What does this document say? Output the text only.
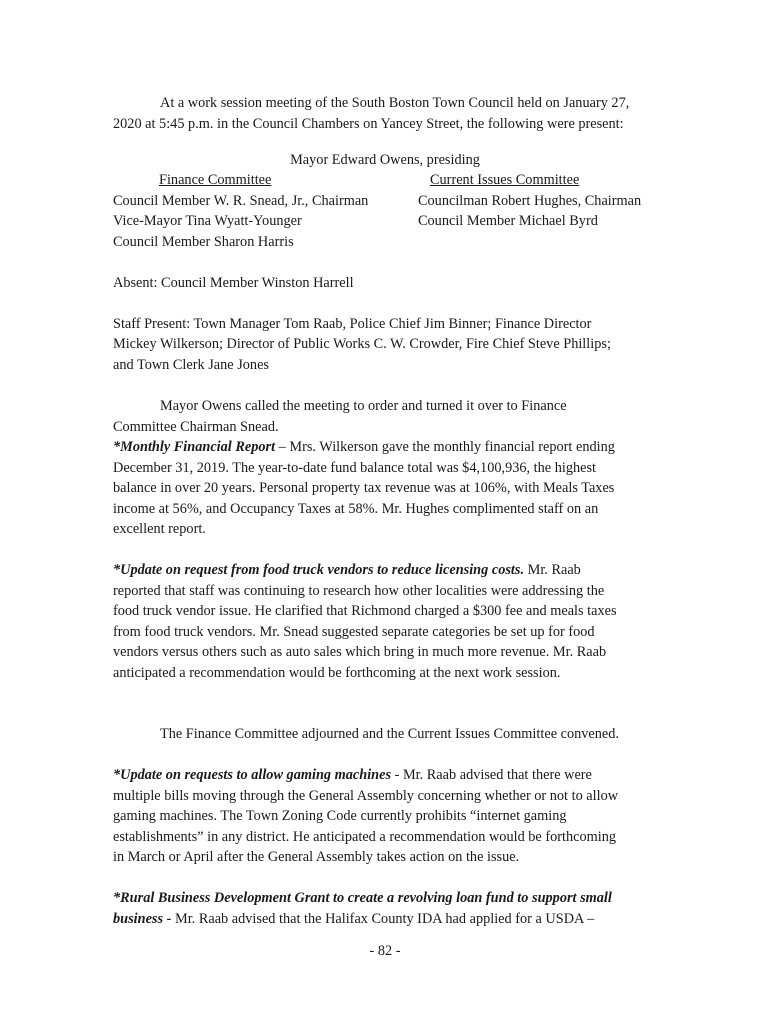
At a work session meeting of the South Boston Town Council held on January 27,
2020 at 5:45 p.m. in the Council Chambers on Yancey Street, the following were present:
Mayor Edward Owens, presiding
Finance Committee	Current Issues Committee
Council Member W. R. Snead, Jr., Chairman	Councilman Robert Hughes, Chairman
Vice-Mayor Tina Wyatt-Younger	Council Member Michael Byrd
Council Member Sharon Harris
Absent: Council Member Winston Harrell
Staff Present: Town Manager Tom Raab, Police Chief Jim Binner; Finance Director
Mickey Wilkerson; Director of Public Works C. W. Crowder, Fire Chief Steve Phillips;
and Town Clerk Jane Jones
Mayor Owens called the meeting to order and turned it over to Finance
Committee Chairman Snead.
*Monthly Financial Report – Mrs. Wilkerson gave the monthly financial report ending
December 31, 2019. The year-to-date fund balance total was $4,100,936, the highest
balance in over 20 years. Personal property tax revenue was at 106%, with Meals Taxes
income at 56%, and Occupancy Taxes at 58%. Mr. Hughes complimented staff on an
excellent report.
*Update on request from food truck vendors to reduce licensing costs. Mr. Raab
reported that staff was continuing to research how other localities were addressing the
food truck vendor issue. He clarified that Richmond charged a $300 fee and meals taxes
from food truck vendors. Mr. Snead suggested separate categories be set up for food
vendors versus others such as auto sales which bring in much more revenue. Mr. Raab
anticipated a recommendation would be forthcoming at the next work session.
The Finance Committee adjourned and the Current Issues Committee convened.
*Update on requests to allow gaming machines - Mr. Raab advised that there were
multiple bills moving through the General Assembly concerning whether or not to allow
gaming machines. The Town Zoning Code currently prohibits “internet gaming
establishments” in any district. He anticipated a recommendation would be forthcoming
in March or April after the General Assembly takes action on the issue.
*Rural Business Development Grant to create a revolving loan fund to support small
business - Mr. Raab advised that the Halifax County IDA had applied for a USDA –
- 82 -
